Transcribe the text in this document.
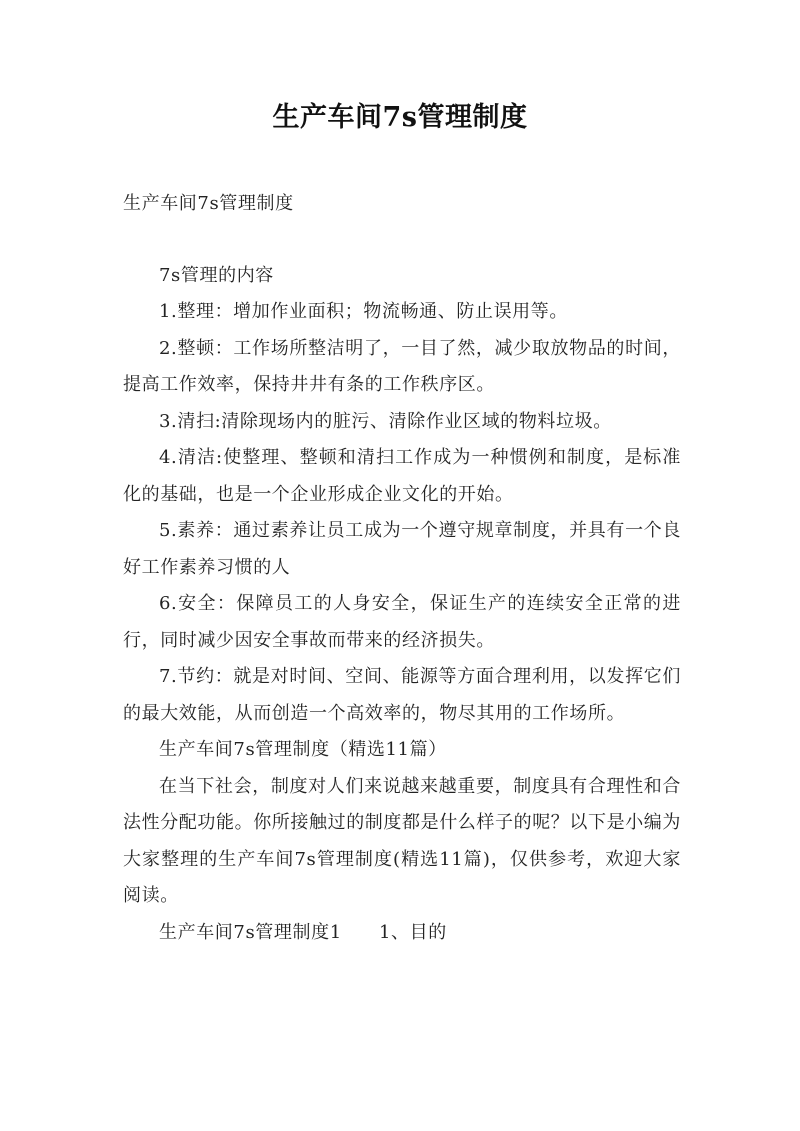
生产车间7s管理制度

生产车间7s管理制度

7s管理的内容

1.整理：增加作业面积；物流畅通、防止误用等。

2.整顿：工作场所整洁明了，一目了然，减少取放物品的时间，提高工作效率，保持井井有条的工作秩序区。

3.清扫:清除现场内的脏污、清除作业区域的物料垃圾。

4.清洁:使整理、整顿和清扫工作成为一种惯例和制度，是标准化的基础，也是一个企业形成企业文化的开始。

5.素养：通过素养让员工成为一个遵守规章制度，并具有一个良好工作素养习惯的人

6.安全：保障员工的人身安全，保证生产的连续安全正常的进行，同时减少因安全事故而带来的经济损失。

7.节约：就是对时间、空间、能源等方面合理利用，以发挥它们的最大效能，从而创造一个高效率的，物尽其用的工作场所。

生产车间7s管理制度（精选11篇）

在当下社会，制度对人们来说越来越重要，制度具有合理性和合法性分配功能。你所接触过的制度都是什么样子的呢？以下是小编为大家整理的生产车间7s管理制度(精选11篇)，仅供参考，欢迎大家阅读。

生产车间7s管理制度1　　1、目的
